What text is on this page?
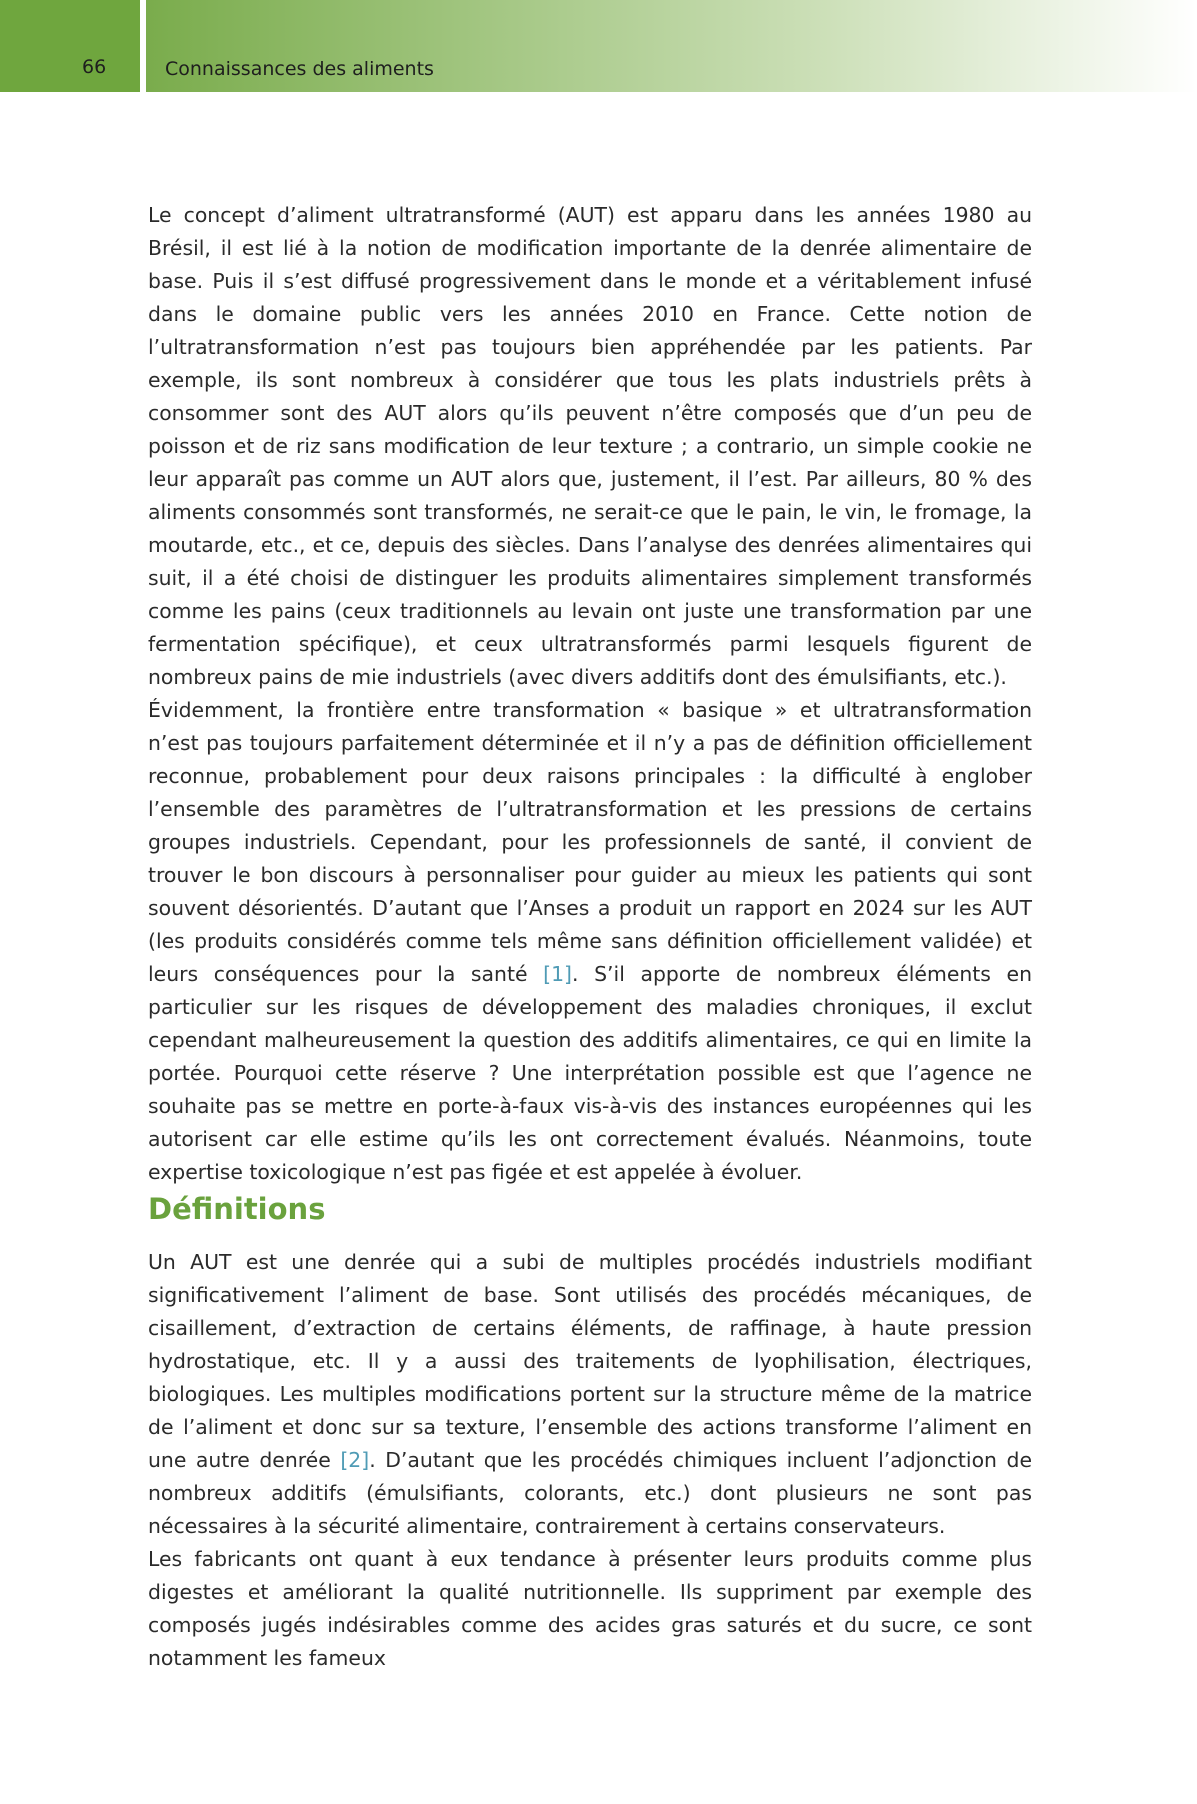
66	Connaissances des aliments

Le concept d’aliment ultratransformé (AUT) est apparu dans les années 1980 au Brésil, il est lié à la notion de modification importante de la denrée alimentaire de base. Puis il s’est diffusé progressivement dans le monde et a véritablement infusé dans le domaine public vers les années 2010 en France. Cette notion de l’ultratransformation n’est pas toujours bien appréhendée par les patients. Par exemple, ils sont nombreux à considérer que tous les plats industriels prêts à consommer sont des AUT alors qu’ils peuvent n’être composés que d’un peu de poisson et de riz sans modification de leur texture ; a contrario, un simple cookie ne leur apparaît pas comme un AUT alors que, justement, il l’est. Par ailleurs, 80 % des aliments consommés sont transformés, ne serait-ce que le pain, le vin, le fromage, la moutarde, etc., et ce, depuis des siècles. Dans l’analyse des denrées alimentaires qui suit, il a été choisi de distinguer les produits alimentaires simplement transformés comme les pains (ceux traditionnels au levain ont juste une transformation par une fermentation spécifique), et ceux ultratransformés parmi lesquels figurent de nombreux pains de mie industriels (avec divers additifs dont des émulsifiants, etc.).

Évidemment, la frontière entre transformation « basique » et ultratransformation n’est pas toujours parfaitement déterminée et il n’y a pas de définition officiellement reconnue, probablement pour deux raisons principales : la difficulté à englober l’ensemble des paramètres de l’ultratransformation et les pressions de certains groupes industriels. Cependant, pour les professionnels de santé, il convient de trouver le bon discours à personnaliser pour guider au mieux les patients qui sont souvent désorientés. D’autant que l’Anses a produit un rapport en 2024 sur les AUT (les produits considérés comme tels même sans définition officiellement validée) et leurs conséquences pour la santé [1]. S’il apporte de nombreux éléments en particulier sur les risques de développement des maladies chroniques, il exclut cependant malheureusement la question des additifs alimentaires, ce qui en limite la portée. Pourquoi cette réserve ? Une interprétation possible est que l’agence ne souhaite pas se mettre en porte-à-faux vis-à-vis des instances européennes qui les autorisent car elle estime qu’ils les ont correctement évalués. Néanmoins, toute expertise toxicologique n’est pas figée et est appelée à évoluer.

Définitions

Un AUT est une denrée qui a subi de multiples procédés industriels modifiant significativement l’aliment de base. Sont utilisés des procédés mécaniques, de cisaillement, d’extraction de certains éléments, de raffinage, à haute pression hydrostatique, etc. Il y a aussi des traitements de lyophilisation, électriques, biologiques. Les multiples modifications portent sur la structure même de la matrice de l’aliment et donc sur sa texture, l’ensemble des actions transforme l’aliment en une autre denrée [2]. D’autant que les procédés chimiques incluent l’adjonction de nombreux additifs (émulsifiants, colorants, etc.) dont plusieurs ne sont pas nécessaires à la sécurité alimentaire, contrairement à certains conservateurs.

Les fabricants ont quant à eux tendance à présenter leurs produits comme plus digestes et améliorant la qualité nutritionnelle. Ils suppriment par exemple des composés jugés indésirables comme des acides gras saturés et du sucre, ce sont notamment les fameux
